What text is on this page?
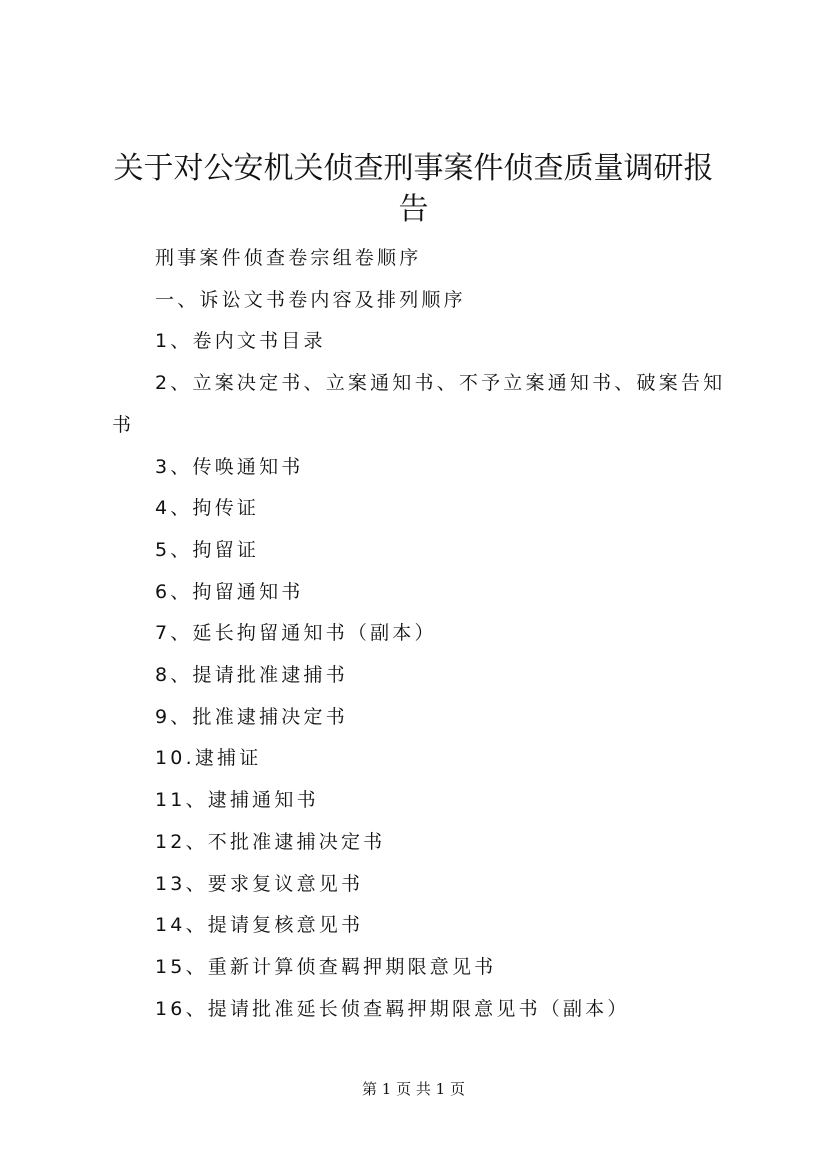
关于对公安机关侦查刑事案件侦查质量调研报告

刑事案件侦查卷宗组卷顺序

一、诉讼文书卷内容及排列顺序

1、卷内文书目录

2、立案决定书、立案通知书、不予立案通知书、破案告知书

3、传唤通知书

4、拘传证

5、拘留证

6、拘留通知书

7、延长拘留通知书（副本）

8、提请批准逮捕书

9、批准逮捕决定书

10.逮捕证

11、逮捕通知书

12、不批准逮捕决定书

13、要求复议意见书

14、提请复核意见书

15、重新计算侦查羁押期限意见书

16、提请批准延长侦查羁押期限意见书（副本）

第 1 页 共 1 页
